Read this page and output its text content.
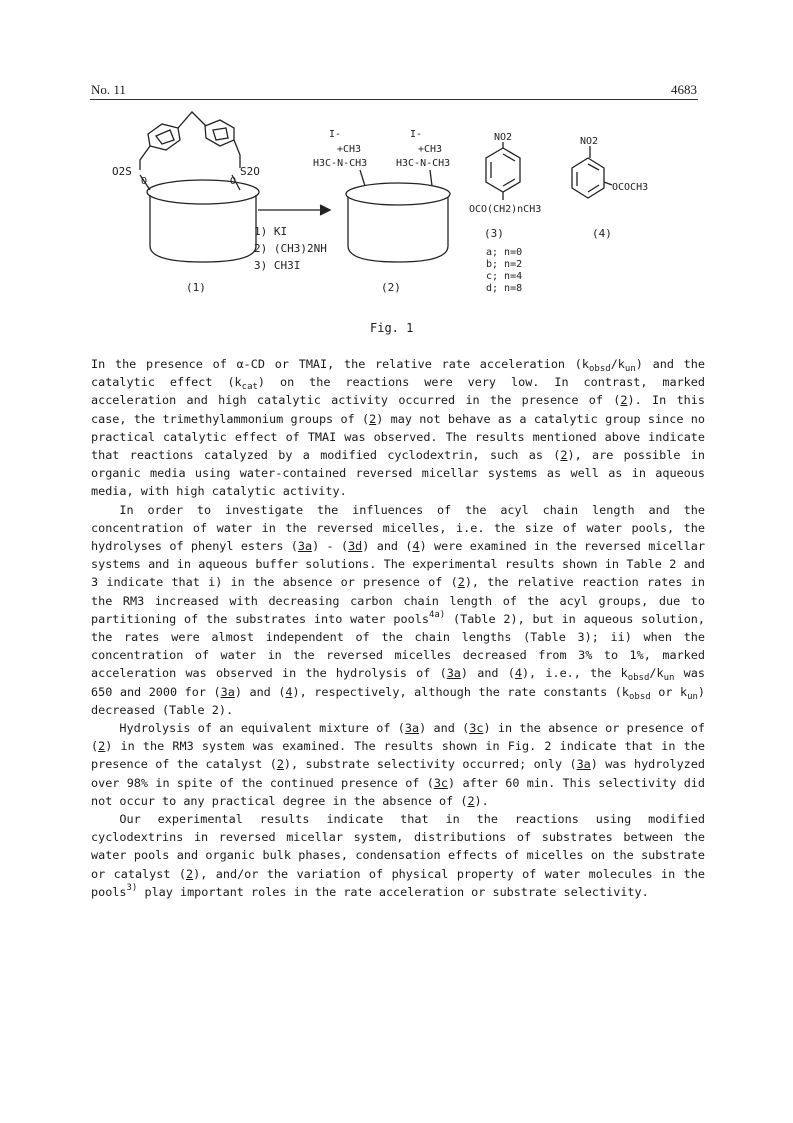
No. 11	4683
O2S
O
S2O
O
1) KI
2) (CH3)2NH
3) CH3I
I-
+CH3
H3C-N-CH3
I-
+CH3
H3C-N-CH3
NO2	NO2
OCO(CH2)nCH3
OCOCH3
(3)	(4)
a; n=0
b; n=2
c; n=4
d; n=8
(1)	(2)
Fig. 1

In the presence of α-CD or TMAI, the relative rate acceleration $(k_{obsd}/k_{un})$ and the catalytic effect $(k_{cat})$ on the reactions were very low. In contrast, marked acceleration and high catalytic activity occurred in the presence of (2). In this case, the trimethylammonium groups of (2) may not behave as a catalytic group since no practical catalytic effect of TMAI was observed. The results mentioned above indicate that reactions catalyzed by a modified cyclodextrin, such as (2), are possible in organic media using water-contained reversed micellar systems as well as in aqueous media, with high catalytic activity.

In order to investigate the influences of the acyl chain length and the concentration of water in the reversed micelles, i.e. the size of water pools, the hydrolyses of phenyl esters (3a) - (3d) and (4) were examined in the reversed micellar systems and in aqueous buffer solutions. The experimental results shown in Table 2 and 3 indicate that i) in the absence or presence of (2), the relative reaction rates in the RM3 increased with decreasing carbon chain length of the acyl groups, due to partitioning of the substrates into water pools$^{4a)}$ (Table 2), but in aqueous solution, the rates were almost independent of the chain lengths (Table 3); ii) when the concentration of water in the reversed micelles decreased from 3% to 1%, marked acceleration was observed in the hydrolysis of (3a) and (4), i.e., the $k_{obsd}/k_{un}$ was 650 and 2000 for (3a) and (4), respectively, although the rate constants ($k_{obsd}$ or $k_{un}$) decreased (Table 2).

Hydrolysis of an equivalent mixture of (3a) and (3c) in the absence or presence of (2) in the RM3 system was examined. The results shown in Fig. 2 indicate that in the presence of the catalyst (2), substrate selectivity occurred; only (3a) was hydrolyzed over 98% in spite of the continued presence of (3c) after 60 min. This selectivity did not occur to any practical degree in the absence of (2).

Our experimental results indicate that in the reactions using modified cyclodextrins in reversed micellar system, distributions of substrates between the water pools and organic bulk phases, condensation effects of micelles on the substrate or catalyst (2), and/or the variation of physical property of water molecules in the pools$^{3)}$ play important roles in the rate acceleration or substrate selectivity.
